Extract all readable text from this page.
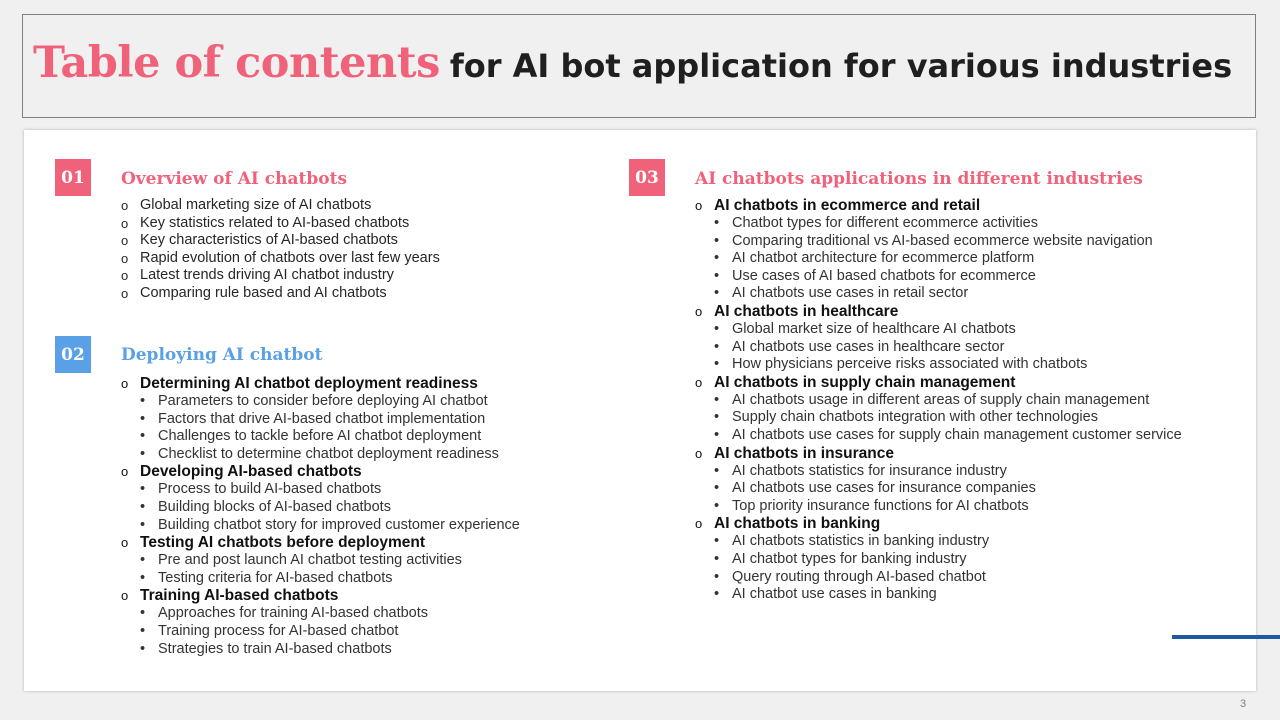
Table of contents for AI bot application for various industries
01	Overview of AI chatbots
o Global marketing size of AI chatbots
o Key statistics related to AI-based chatbots
o Key characteristics of AI-based chatbots
o Rapid evolution of chatbots over last few years
o Latest trends driving AI chatbot industry
o Comparing rule based and AI chatbots
02	Deploying AI chatbot
o Determining AI chatbot deployment readiness
• Parameters to consider before deploying AI chatbot
• Factors that drive AI-based chatbot implementation
• Challenges to tackle before AI chatbot deployment
• Checklist to determine chatbot deployment readiness
o Developing AI-based chatbots
• Process to build AI-based chatbots
• Building blocks of AI-based chatbots
• Building chatbot story for improved customer experience
o Testing AI chatbots before deployment
• Pre and post launch AI chatbot testing activities
• Testing criteria for AI-based chatbots
o Training AI-based chatbots
• Approaches for training AI-based chatbots
• Training process for AI-based chatbot
• Strategies to train AI-based chatbots
03	AI chatbots applications in different industries
o AI chatbots in ecommerce and retail
• Chatbot types for different ecommerce activities
• Comparing traditional vs AI-based ecommerce website navigation
• AI chatbot architecture for ecommerce platform
• Use cases of AI based chatbots for ecommerce
• AI chatbots use cases in retail sector
o AI chatbots in healthcare
• Global market size of healthcare AI chatbots
• AI chatbots use cases in healthcare sector
• How physicians perceive risks associated with chatbots
o AI chatbots in supply chain management
• AI chatbots usage in different areas of supply chain management
• Supply chain chatbots integration with other technologies
• AI chatbots use cases for supply chain management customer service
o AI chatbots in insurance
• AI chatbots statistics for insurance industry
• AI chatbots use cases for insurance companies
• Top priority insurance functions for AI chatbots
o AI chatbots in banking
• AI chatbots statistics in banking industry
• AI chatbot types for banking industry
• Query routing through AI-based chatbot
• AI chatbot use cases in banking
3
